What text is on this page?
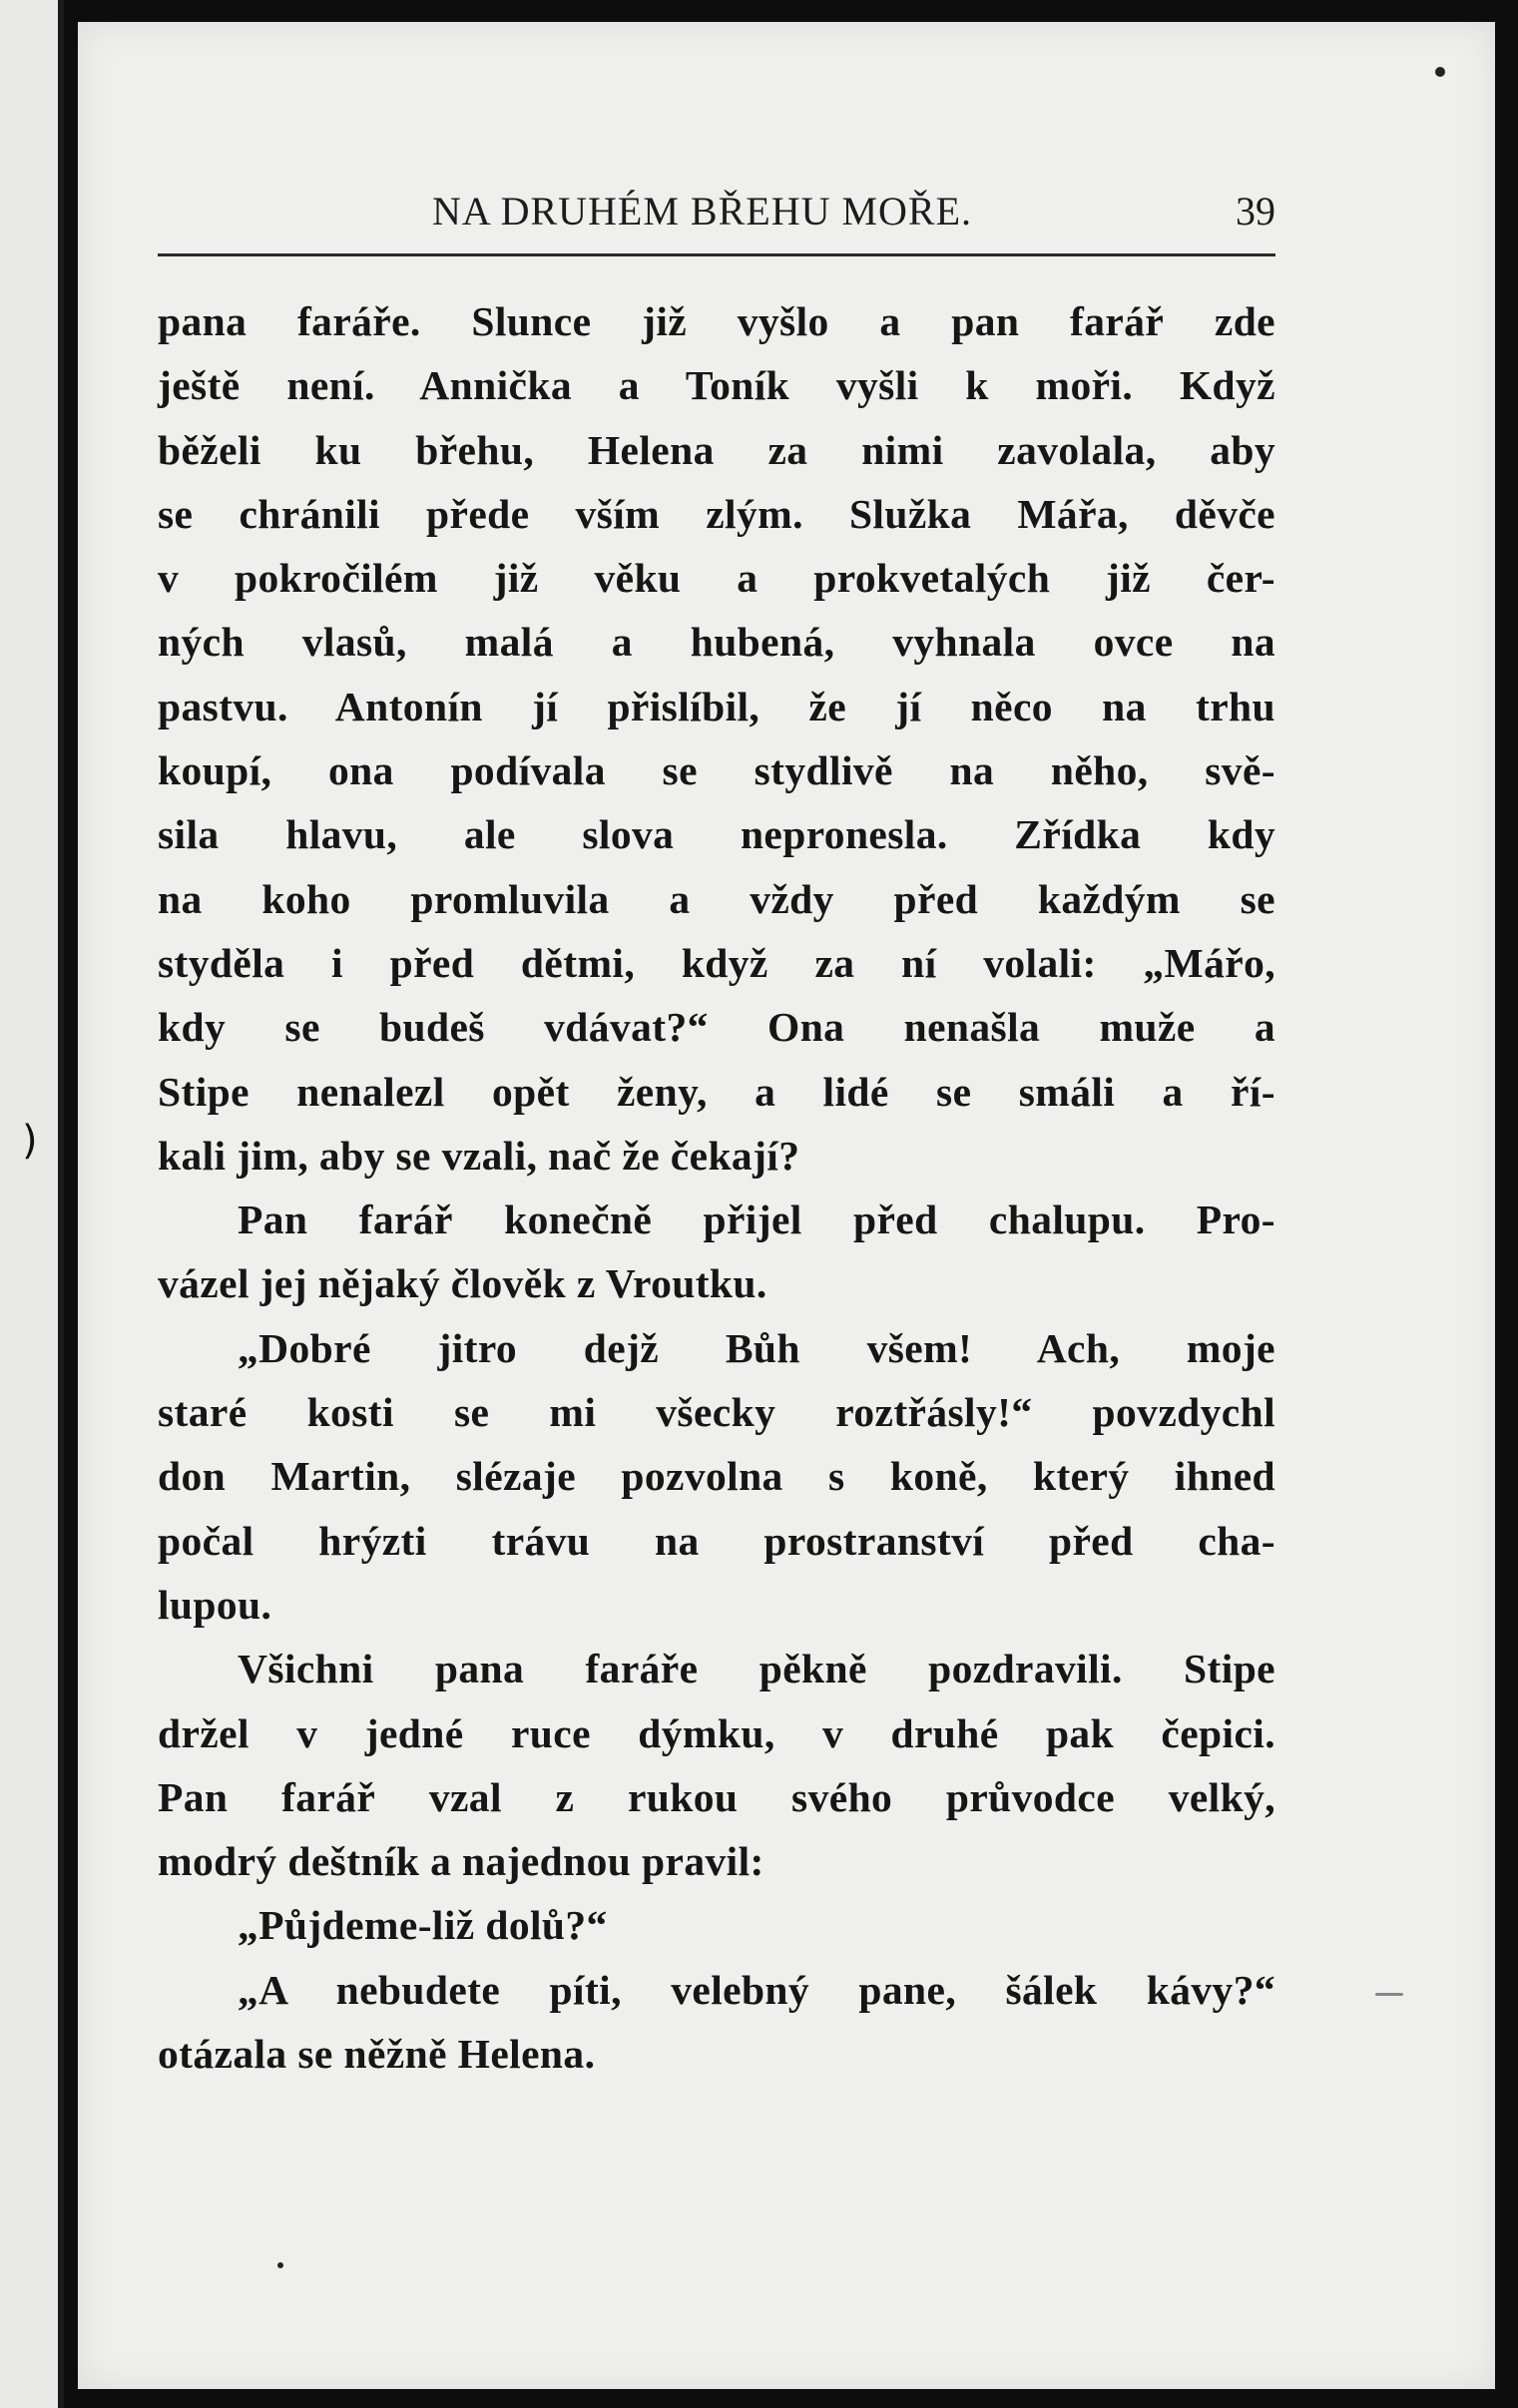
)
NA DRUHÉM BŘEHU MOŘE.	39
pana faráře. Slunce již vyšlo a pan farář zde
ještě není. Annička a Toník vyšli k moři. Když
běželi ku břehu, Helena za nimi zavolala, aby
se chránili přede vším zlým. Služka Mářa, děvče
v pokročilém již věku a prokvetalých již čer-
ných vlasů, malá a hubená, vyhnala ovce na
pastvu. Antonín jí přislíbil, že jí něco na trhu
koupí, ona podívala se stydlivě na něho, svě-
sila hlavu, ale slova nepronesla. Zřídka kdy
na koho promluvila a vždy před každým se
styděla i před dětmi, když za ní volali: „Mářo,
kdy se budeš vdávat?“ Ona nenašla muže a
Stipe nenalezl opět ženy, a lidé se smáli a ří-
kali jim, aby se vzali, nač že čekají?
Pan farář konečně přijel před chalupu. Pro-
vázel jej nějaký člověk z Vroutku.
„Dobré jitro dejž Bůh všem! Ach, moje
staré kosti se mi všecky roztřásly!“ povzdychl
don Martin, slézaje pozvolna s koně, který ihned
počal hrýzti trávu na prostranství před cha-
lupou.
Všichni pana faráře pěkně pozdravili. Stipe
držel v jedné ruce dýmku, v druhé pak čepici.
Pan farář vzal z rukou svého průvodce velký,
modrý deštník a najednou pravil:
„Půjdeme-liž dolů?“
„A nebudete píti, velebný pane, šálek kávy?“
otázala se něžně Helena.
